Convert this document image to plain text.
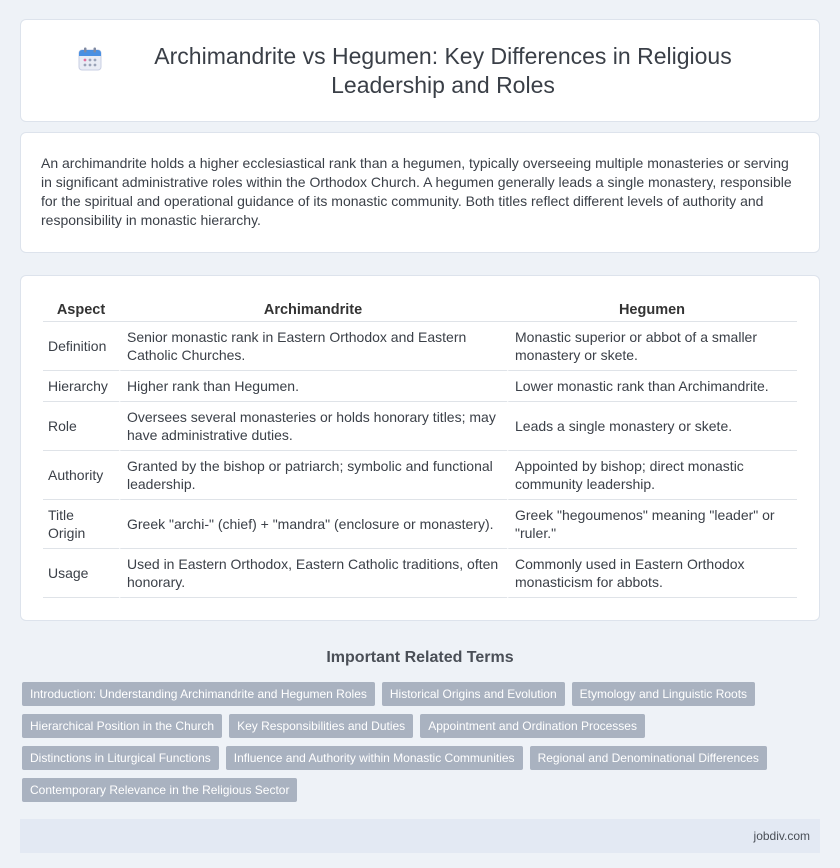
Archimandrite vs Hegumen: Key Differences in Religious Leadership and Roles

An archimandrite holds a higher ecclesiastical rank than a hegumen, typically overseeing multiple monasteries or serving in significant administrative roles within the Orthodox Church. A hegumen generally leads a single monastery, responsible for the spiritual and operational guidance of its monastic community. Both titles reflect different levels of authority and responsibility in monastic hierarchy.

Aspect	Archimandrite	Hegumen
Definition	Senior monastic rank in Eastern Orthodox and Eastern Catholic Churches.	Monastic superior or abbot of a smaller monastery or skete.
Hierarchy	Higher rank than Hegumen.	Lower monastic rank than Archimandrite.
Role	Oversees several monasteries or holds honorary titles; may have administrative duties.	Leads a single monastery or skete.
Authority	Granted by the bishop or patriarch; symbolic and functional leadership.	Appointed by bishop; direct monastic community leadership.
Title Origin	Greek "archi-" (chief) + "mandra" (enclosure or monastery).	Greek "hegoumenos" meaning "leader" or "ruler."
Usage	Used in Eastern Orthodox, Eastern Catholic traditions, often honorary.	Commonly used in Eastern Orthodox monasticism for abbots.
Important Related Terms
Introduction: Understanding Archimandrite and Hegumen Roles	Historical Origins and Evolution	Etymology and Linguistic Roots
Hierarchical Position in the Church	Key Responsibilities and Duties	Appointment and Ordination Processes
Distinctions in Liturgical Functions	Influence and Authority within Monastic Communities	Regional and Denominational Differences
Contemporary Relevance in the Religious Sector
jobdiv.com
